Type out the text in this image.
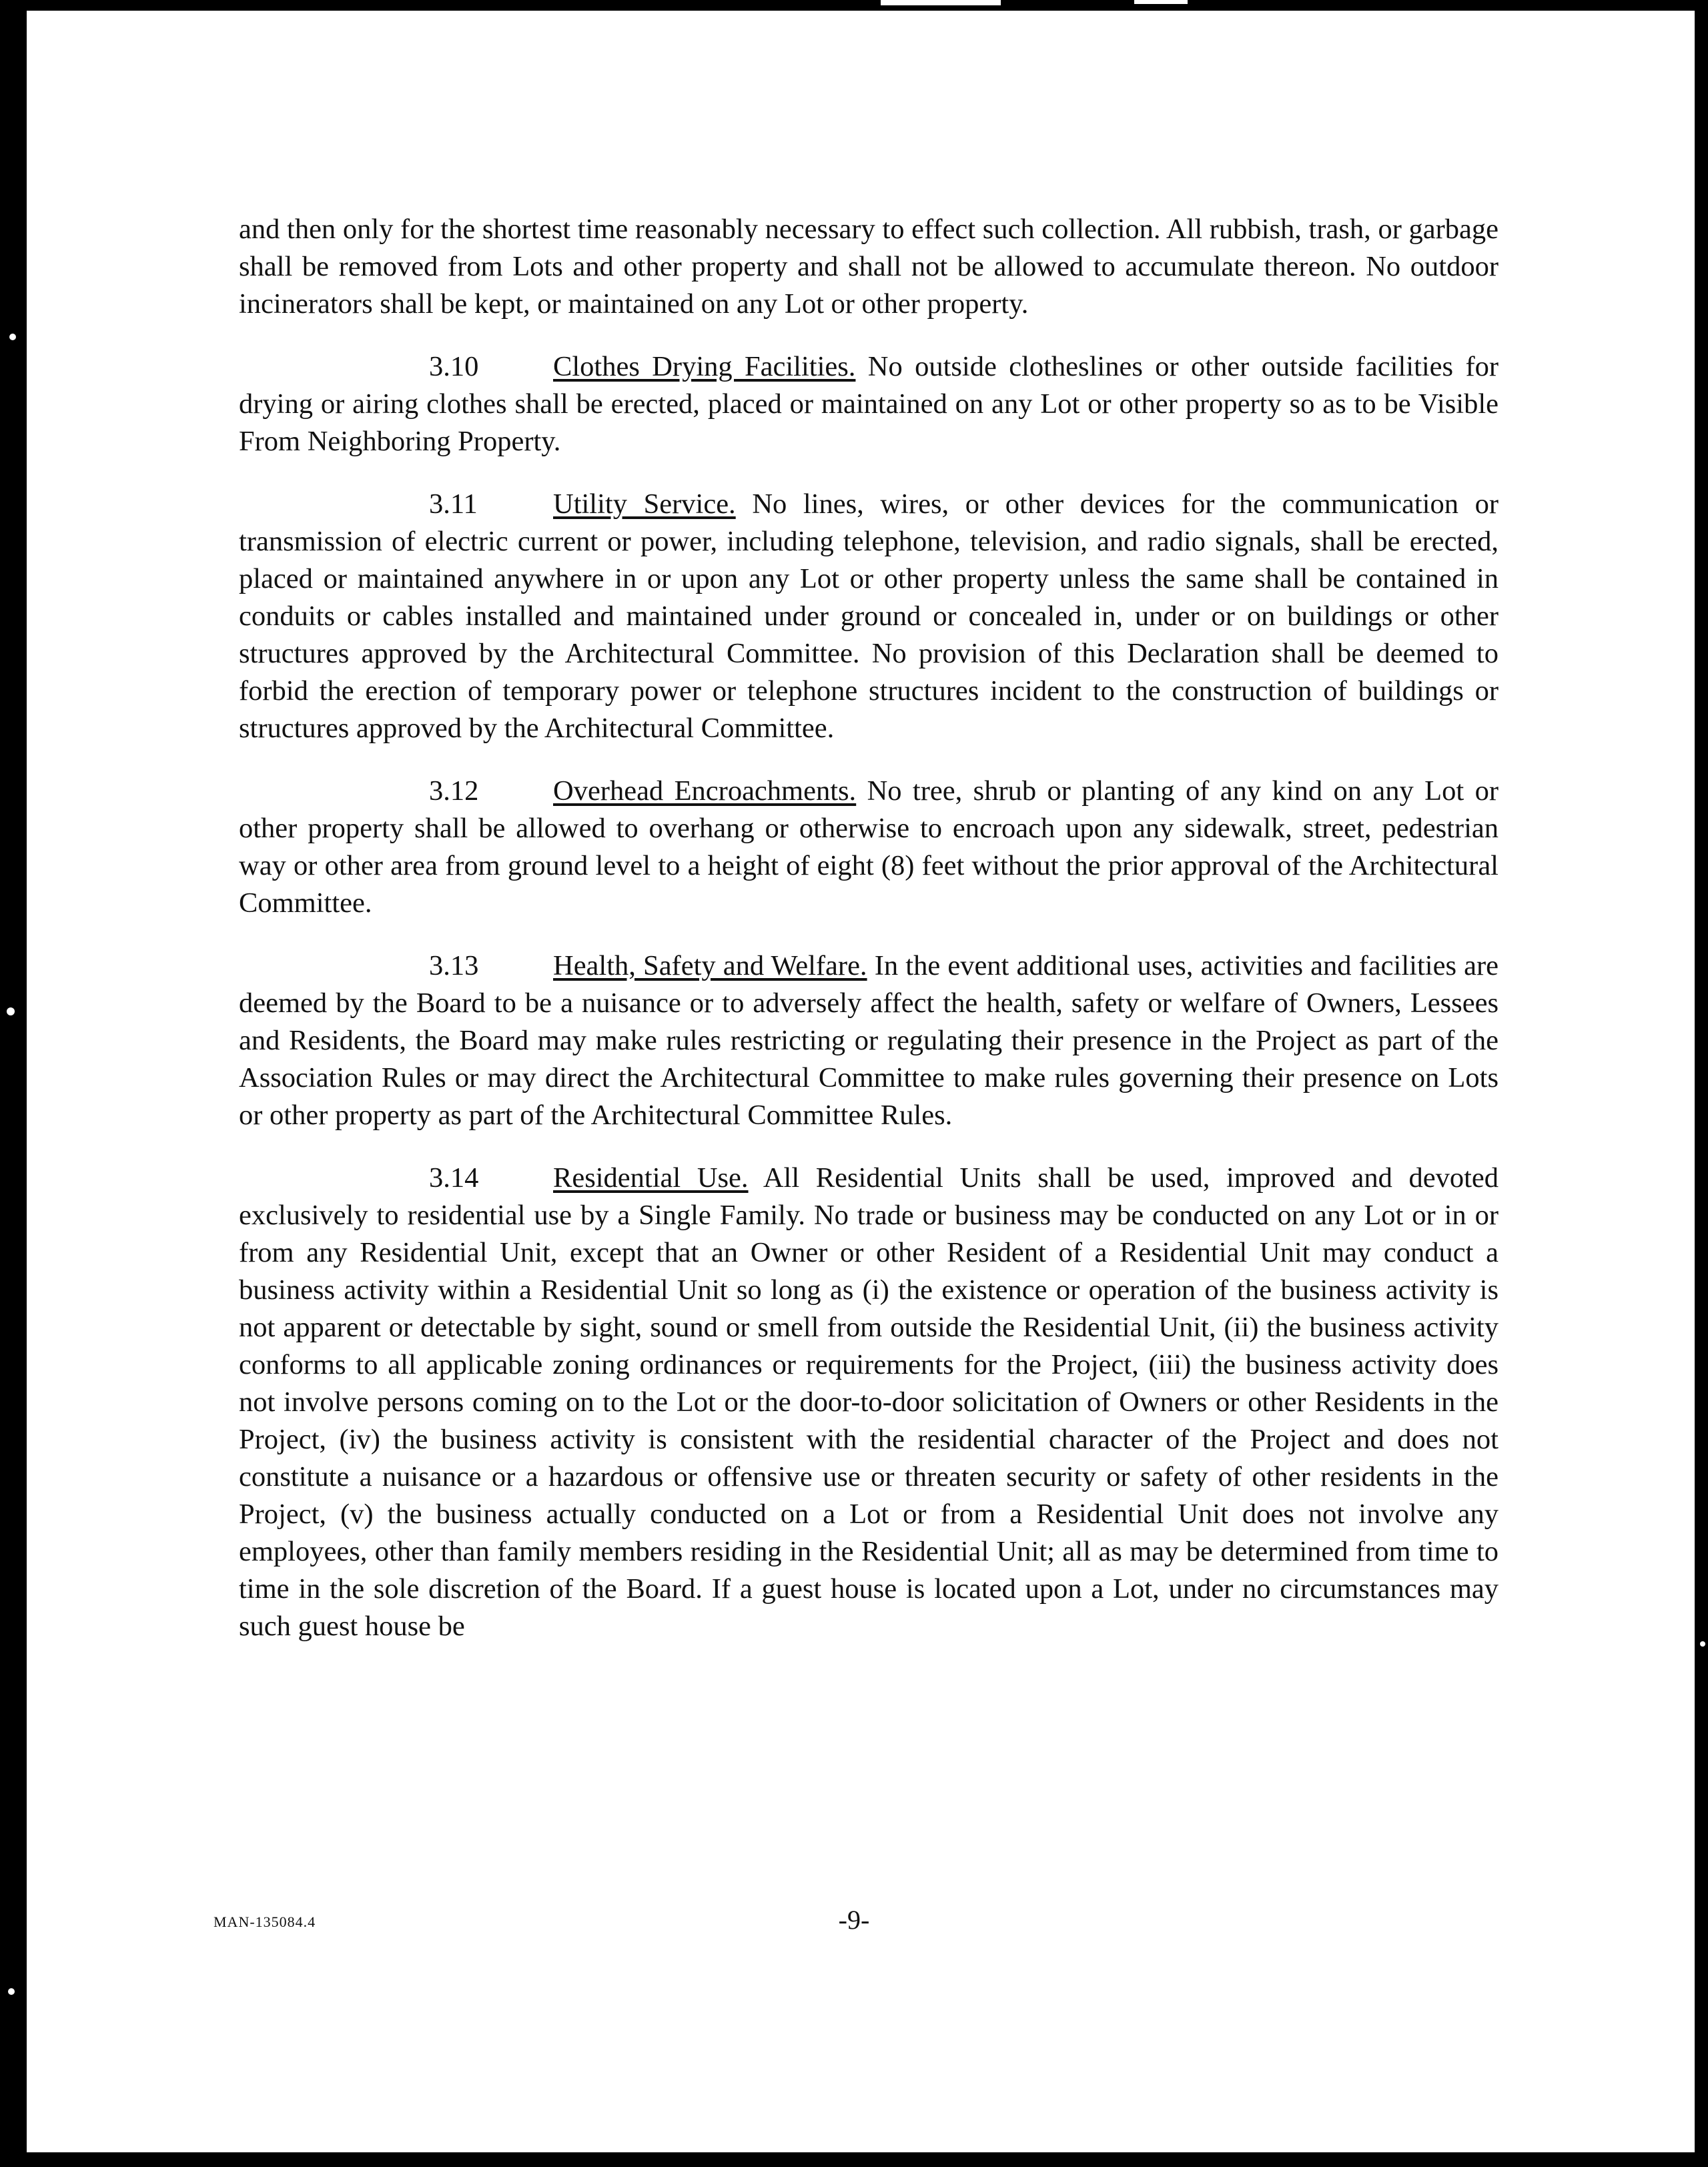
and then only for the shortest time reasonably necessary to effect such collection. All rubbish, trash, or garbage shall be removed from Lots and other property and shall not be allowed to accumulate thereon. No outdoor incinerators shall be kept, or maintained on any Lot or other property.

3.10	Clothes Drying Facilities. No outside clotheslines or other outside facilities for drying or airing clothes shall be erected, placed or maintained on any Lot or other property so as to be Visible From Neighboring Property.

3.11	Utility Service. No lines, wires, or other devices for the communication or transmission of electric current or power, including telephone, television, and radio signals, shall be erected, placed or maintained anywhere in or upon any Lot or other property unless the same shall be contained in conduits or cables installed and maintained under ground or concealed in, under or on buildings or other structures approved by the Architectural Committee. No provision of this Declaration shall be deemed to forbid the erection of temporary power or telephone structures incident to the construction of buildings or structures approved by the Architectural Committee.

3.12	Overhead Encroachments. No tree, shrub or planting of any kind on any Lot or other property shall be allowed to overhang or otherwise to encroach upon any sidewalk, street, pedestrian way or other area from ground level to a height of eight (8) feet without the prior approval of the Architectural Committee.

3.13	Health, Safety and Welfare. In the event additional uses, activities and facilities are deemed by the Board to be a nuisance or to adversely affect the health, safety or welfare of Owners, Lessees and Residents, the Board may make rules restricting or regulating their presence in the Project as part of the Association Rules or may direct the Architectural Committee to make rules governing their presence on Lots or other property as part of the Architectural Committee Rules.

3.14	Residential Use. All Residential Units shall be used, improved and devoted exclusively to residential use by a Single Family. No trade or business may be conducted on any Lot or in or from any Residential Unit, except that an Owner or other Resident of a Residential Unit may conduct a business activity within a Residential Unit so long as (i) the existence or operation of the business activity is not apparent or detectable by sight, sound or smell from outside the Residential Unit, (ii) the business activity conforms to all applicable zoning ordinances or requirements for the Project, (iii) the business activity does not involve persons coming on to the Lot or the door-to-door solicitation of Owners or other Residents in the Project, (iv) the business activity is consistent with the residential character of the Project and does not constitute a nuisance or a hazardous or offensive use or threaten security or safety of other residents in the Project, (v) the business actually conducted on a Lot or from a Residential Unit does not involve any employees, other than family members residing in the Residential Unit; all as may be determined from time to time in the sole discretion of the Board. If a guest house is located upon a Lot, under no circumstances may such guest house be

MAN-135084.4	-9-
